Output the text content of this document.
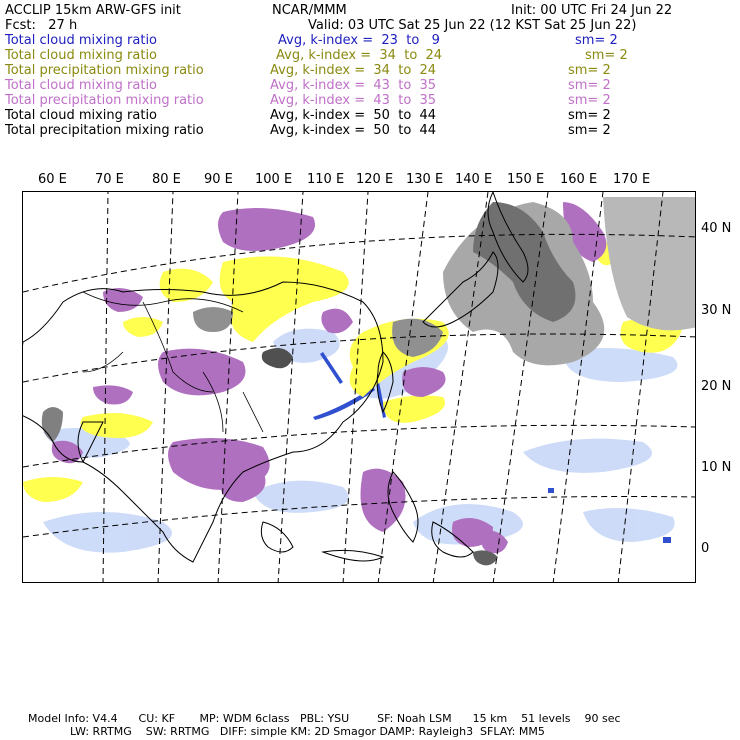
ACCLIP 15km ARW-GFS init	NCAR/MMM	Init: 00 UTC Fri 24 Jun 22
Fcst:   27 h	Valid: 03 UTC Sat 25 Jun 22 (12 KST Sat 25 Jun 22)
Total cloud mixing ratio	Avg, k-index =  23  to   9	sm= 2
Total cloud mixing ratio	Avg, k-index =  34  to  24	sm= 2
Total precipitation mixing ratio	Avg, k-index =  34  to  24	sm= 2
Total cloud mixing ratio	Avg, k-index =  43  to  35	sm= 2
Total precipitation mixing ratio	Avg, k-index =  43  to  35	sm= 2
Total cloud mixing ratio	Avg, k-index =  50  to  44	sm= 2
Total precipitation mixing ratio	Avg, k-index =  50  to  44	sm= 2
60 E 70 E 80 E 90 E 100 E 110 E 120 E 130 E 140 E 150 E 160 E 170 E
40 N
30 N
20 N
10 N
0
Model Info: V4.4      CU: KF       MP: WDM 6class   PBL: YSU        SF: Noah LSM      15 km    51 levels    90 sec
LW: RRTMG    SW: RRTMG   DIFF: simple KM: 2D Smagor DAMP: Rayleigh3  SFLAY: MM5
